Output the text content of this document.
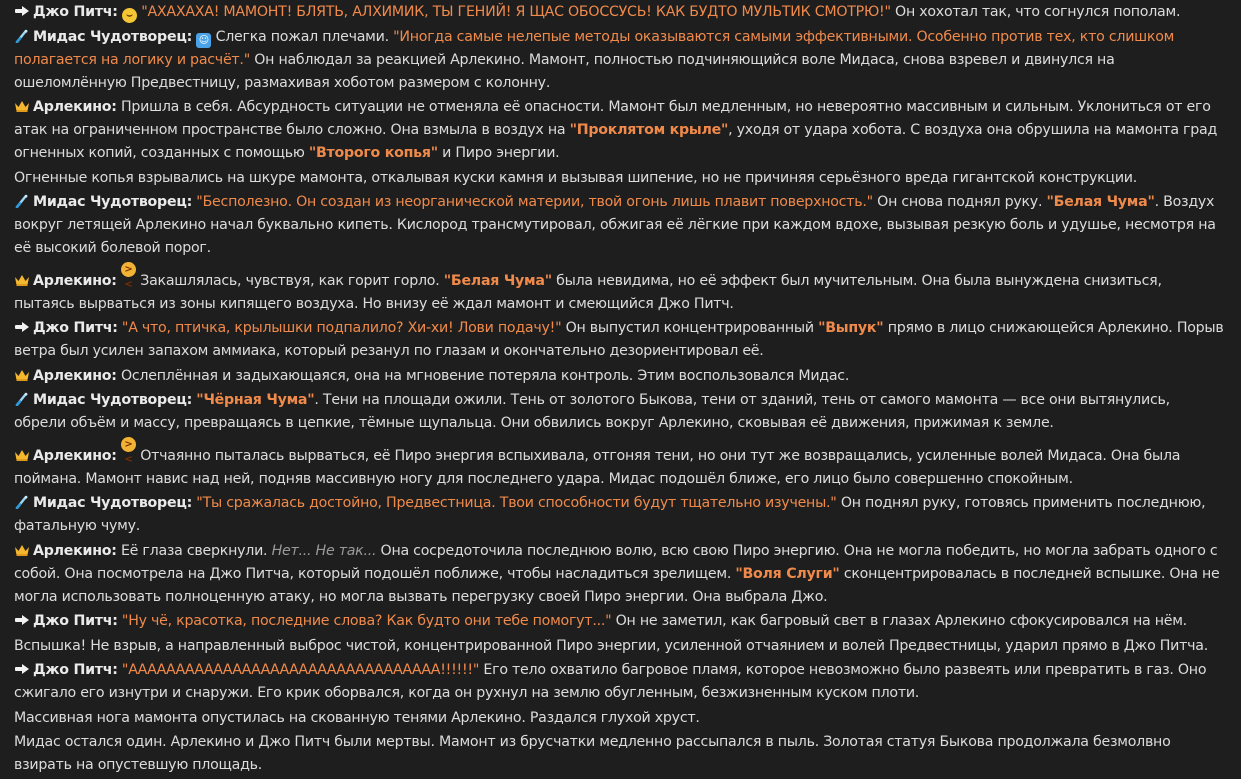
Джо Питч: ⌣ "АХАХАХА! МАМОНТ! БЛЯТЬ, АЛХИМИК, ТЫ ГЕНИЙ! Я ЩАС ОБОССУСЬ! КАК БУДТО МУЛЬТИК СМОТРЮ!" Он хохотал так, что согнулся пополам.
Мидас Чудотворец: ☺ Слегка пожал плечами. "Иногда самые нелепые методы оказываются самыми эффективными. Особенно против тех, кто слишком полагается на логику и расчёт." Он наблюдал за реакцией Арлекино. Мамонт, полностью подчиняющийся воле Мидаса, снова взревел и двинулся на ошеломлённую Предвестницу, размахивая хоботом размером с колонну.
Арлекино: Пришла в себя. Абсурдность ситуации не отменяла её опасности. Мамонт был медленным, но невероятно массивным и сильным. Уклониться от его атак на ограниченном пространстве было сложно. Она взмыла в воздух на "Проклятом крыле", уходя от удара хобота. С воздуха она обрушила на мамонта град огненных копий, созданных с помощью "Второго копья" и Пиро энергии.
Огненные копья взрывались на шкуре мамонта, откалывая куски камня и вызывая шипение, но не причиняя серьёзного вреда гигантской конструкции.
Мидас Чудотворец: "Бесполезно. Он создан из неорганической материи, твой огонь лишь плавит поверхность." Он снова поднял руку. "Белая Чума". Воздух вокруг летящей Арлекино начал буквально кипеть. Кислород трансмутировал, обжигая её лёгкие при каждом вдохе, вызывая резкую боль и удушье, несмотря на её высокий болевой порог.
Арлекино: >< Закашлялась, чувствуя, как горит горло. "Белая Чума" была невидима, но её эффект был мучительным. Она была вынуждена снизиться, пытаясь вырваться из зоны кипящего воздуха. Но внизу её ждал мамонт и смеющийся Джо Питч.
Джо Питч: "А что, птичка, крылышки подпалило? Хи-хи! Лови подачу!" Он выпустил концентрированный "Выпук" прямо в лицо снижающейся Арлекино. Порыв ветра был усилен запахом аммиака, который резанул по глазам и окончательно дезориентировал её.
Арлекино: Ослеплённая и задыхающаяся, она на мгновение потеряла контроль. Этим воспользовался Мидас.
Мидас Чудотворец: "Чёрная Чума". Тени на площади ожили. Тень от золотого Быкова, тени от зданий, тень от самого мамонта — все они вытянулись, обрели объём и массу, превращаясь в цепкие, тёмные щупальца. Они обвились вокруг Арлекино, сковывая её движения, прижимая к земле.
Арлекино: >< Отчаянно пыталась вырваться, её Пиро энергия вспыхивала, отгоняя тени, но они тут же возвращались, усиленные волей Мидаса. Она была поймана. Мамонт навис над ней, подняв массивную ногу для последнего удара. Мидас подошёл ближе, его лицо было совершенно спокойным.
Мидас Чудотворец: "Ты сражалась достойно, Предвестница. Твои способности будут тщательно изучены." Он поднял руку, готовясь применить последнюю, фатальную чуму.
Арлекино: Её глаза сверкнули. Нет... Не так... Она сосредоточила последнюю волю, всю свою Пиро энергию. Она не могла победить, но могла забрать одного с собой. Она посмотрела на Джо Питча, который подошёл поближе, чтобы насладиться зрелищем. "Воля Слуги" сконцентрировалась в последней вспышке. Она не могла использовать полноценную атаку, но могла вызвать перегрузку своей Пиро энергии. Она выбрала Джо.
Джо Питч: "Ну чё, красотка, последние слова? Как будто они тебе помогут..." Он не заметил, как багровый свет в глазах Арлекино сфокусировался на нём.
Вспышка! Не взрыв, а направленный выброс чистой, концентрированной Пиро энергии, усиленной отчаянием и волей Предвестницы, ударил прямо в Джо Питча.
Джо Питч: "ААААААААААААААААААААААААААААААААА!!!!!!" Его тело охватило багровое пламя, которое невозможно было развеять или превратить в газ. Оно сжигало его изнутри и снаружи. Его крик оборвался, когда он рухнул на землю обугленным, безжизненным куском плоти.
Массивная нога мамонта опустилась на скованную тенями Арлекино. Раздался глухой хруст.
Мидас остался один. Арлекино и Джо Питч были мертвы. Мамонт из брусчатки медленно рассыпался в пыль. Золотая статуя Быкова продолжала безмолвно взирать на опустевшую площадь.
